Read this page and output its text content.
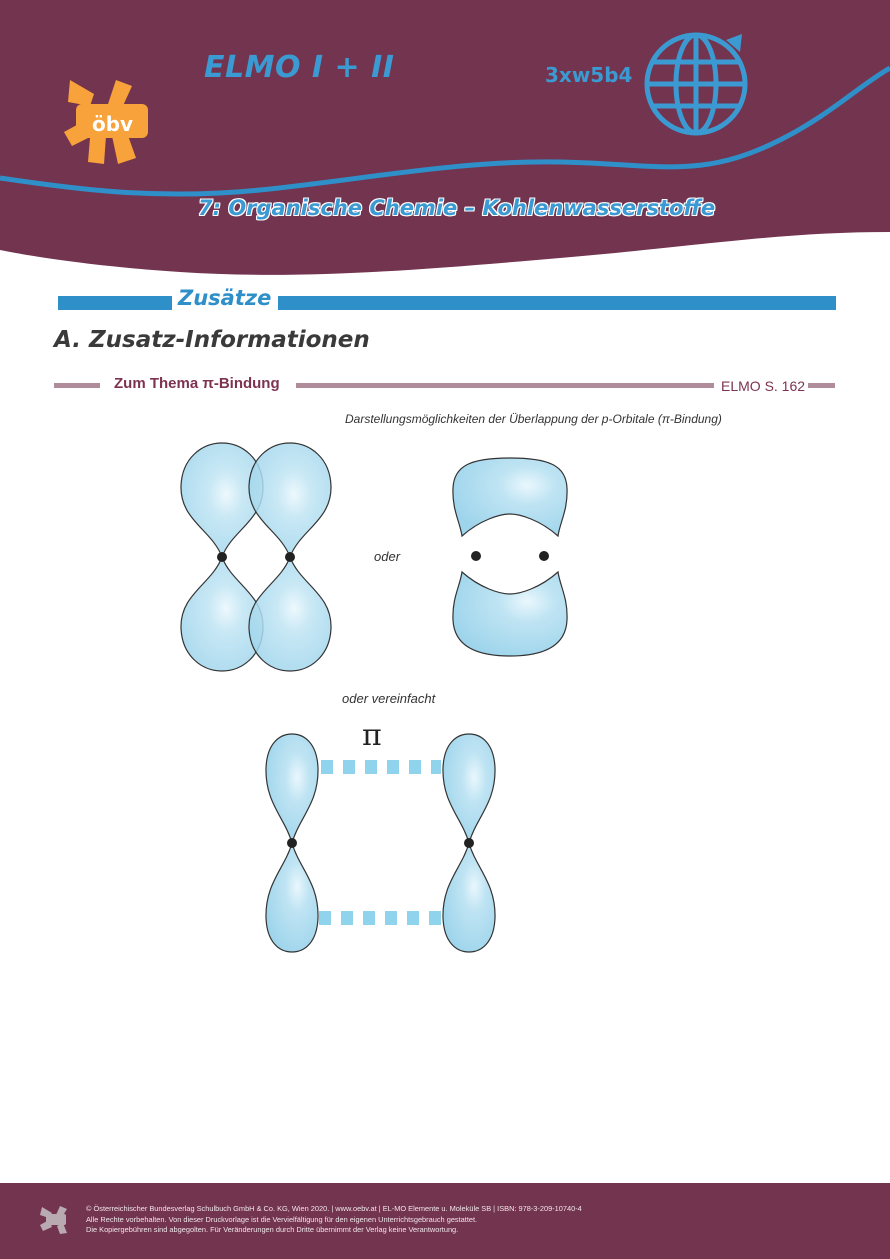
öbv
ELMO I + II	3xw5b4
7: Organische Chemie – Kohlenwasserstoffe
Zusätze
A. Zusatz-Informationen
Zum Thema π-Bindung	ELMO S. 162
Darstellungsmöglichkeiten der Überlappung der p-Orbitale (π-Bindung)
oder
oder vereinfacht
π
© Österreichischer Bundesverlag Schulbuch GmbH & Co. KG, Wien 2020. | www.oebv.at | EL-MO Elemente u. Moleküle SB | ISBN: 978-3-209-10740-4
Alle Rechte vorbehalten. Von dieser Druckvorlage ist die Vervielfältigung für den eigenen Unterrichtsgebrauch gestattet.
Die Kopiergebühren sind abgegolten. Für Veränderungen durch Dritte übernimmt der Verlag keine Verantwortung.
